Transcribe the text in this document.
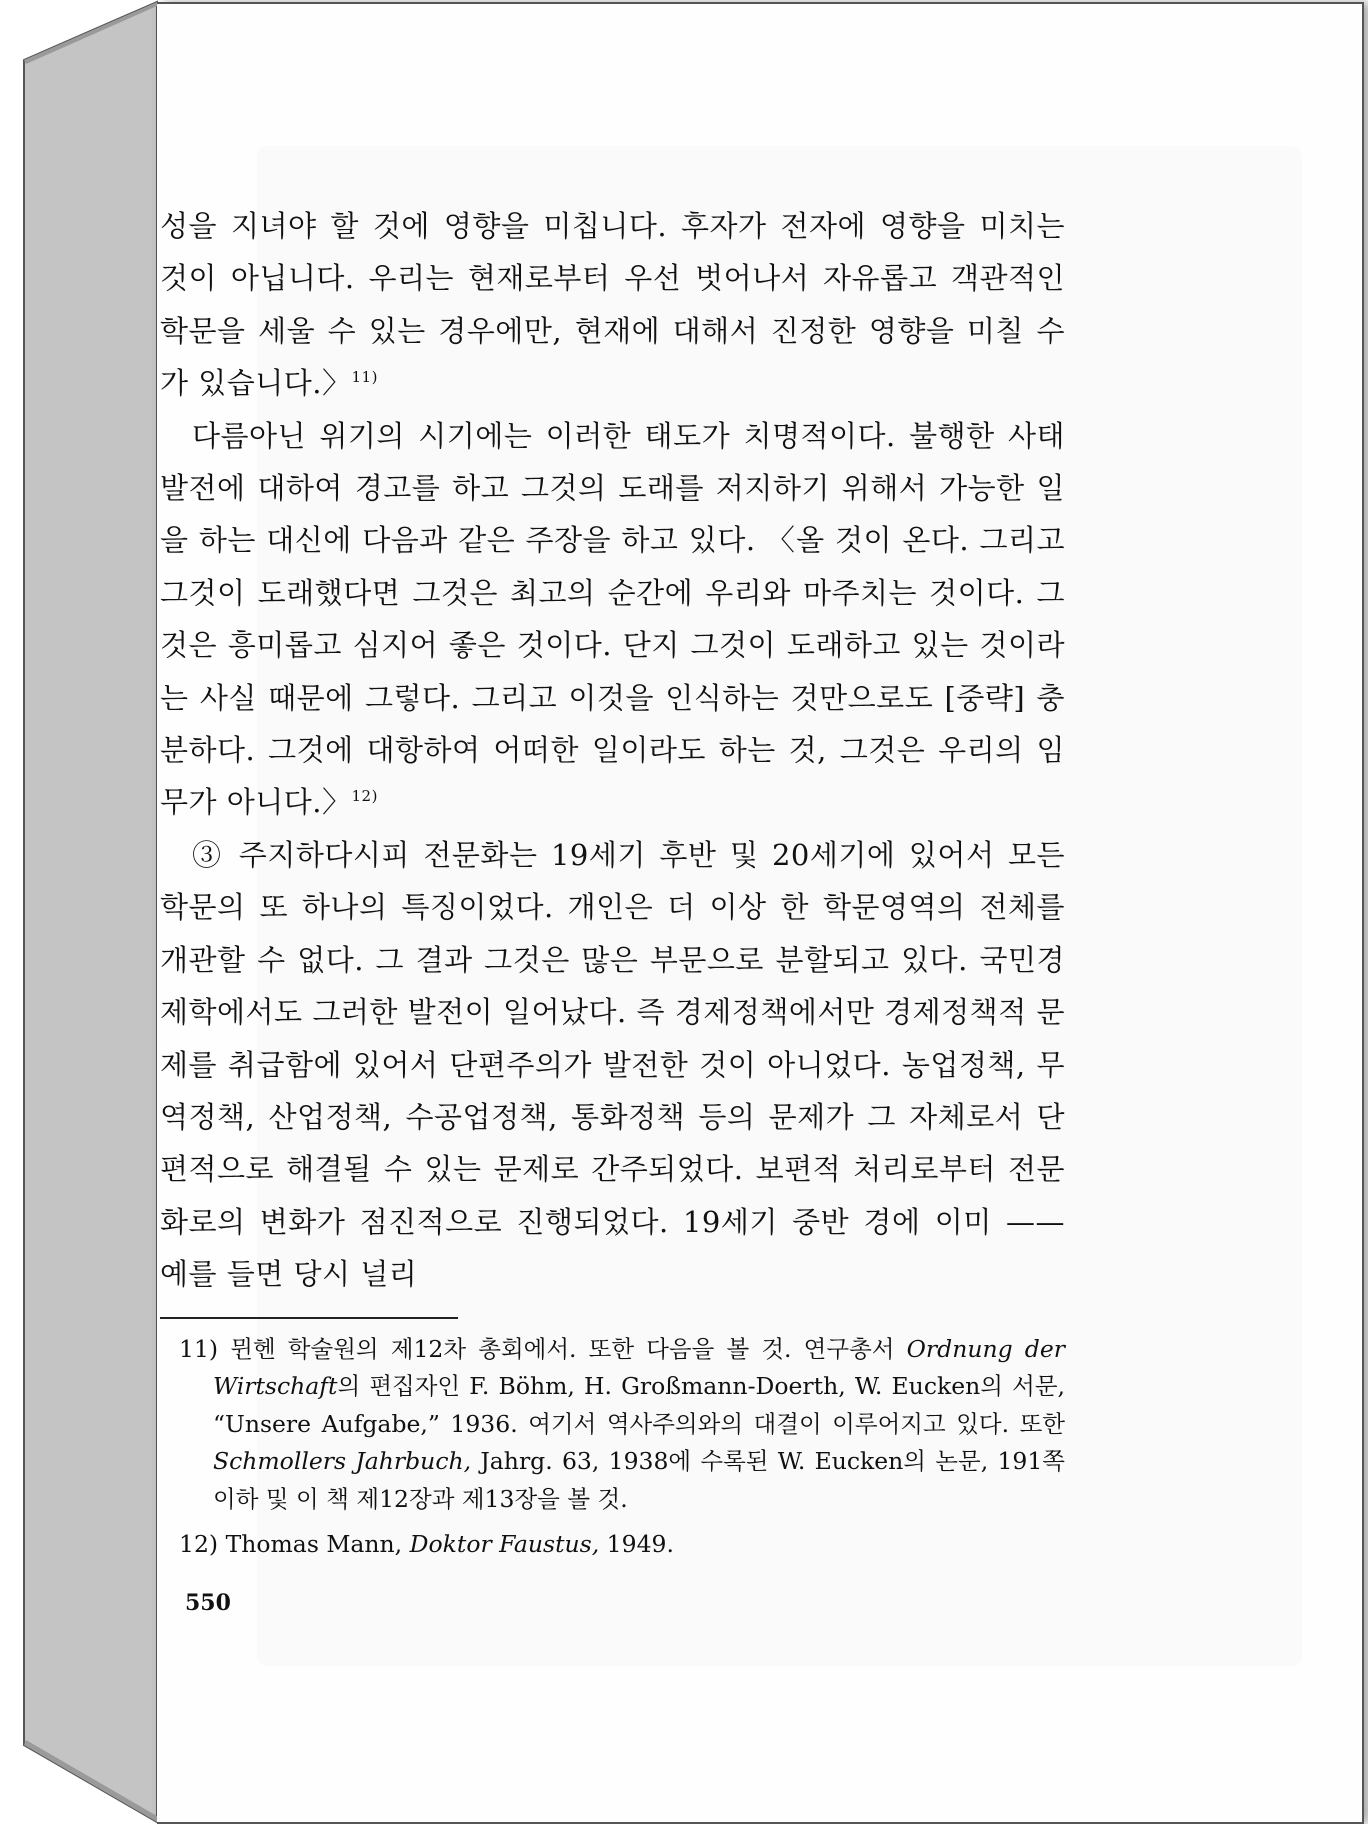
성을 지녀야 할 것에 영향을 미칩니다. 후자가 전자에 영향을 미치는 것이 아닙니다. 우리는 현재로부터 우선 벗어나서 자유롭고 객관적인 학문을 세울 수 있는 경우에만, 현재에 대해서 진정한 영향을 미칠 수가 있습니다.〉$^{11)}$

다름아닌 위기의 시기에는 이러한 태도가 치명적이다. 불행한 사태발전에 대하여 경고를 하고 그것의 도래를 저지하기 위해서 가능한 일을 하는 대신에 다음과 같은 주장을 하고 있다. 〈올 것이 온다. 그리고 그것이 도래했다면 그것은 최고의 순간에 우리와 마주치는 것이다. 그것은 흥미롭고 심지어 좋은 것이다. 단지 그것이 도래하고 있는 것이라는 사실 때문에 그렇다. 그리고 이것을 인식하는 것만으로도 [중략] 충분하다. 그것에 대항하여 어떠한 일이라도 하는 것, 그것은 우리의 임무가 아니다.〉$^{12)}$

③ 주지하다시피 전문화는 19세기 후반 및 20세기에 있어서 모든 학문의 또 하나의 특징이었다. 개인은 더 이상 한 학문영역의 전체를 개관할 수 없다. 그 결과 그것은 많은 부문으로 분할되고 있다. 국민경제학에서도 그러한 발전이 일어났다. 즉 경제정책에서만 경제정책적 문제를 취급함에 있어서 단편주의가 발전한 것이 아니었다. 농업정책, 무역정책, 산업정책, 수공업정책, 통화정책 등의 문제가 그 자체로서 단편적으로 해결될 수 있는 문제로 간주되었다. 보편적 처리로부터 전문화로의 변화가 점진적으로 진행되었다. 19세기 중반 경에 이미 —— 예를 들면 당시 널리

11) 뮌헨 학술원의 제12차 총회에서. 또한 다음을 볼 것. 연구총서 Ordnung der Wirtschaft의 편집자인 F. Böhm, H. Großmann-Doerth, W. Eucken의 서문, “Unsere Aufgabe,” 1936. 여기서 역사주의와의 대결이 이루어지고 있다. 또한 Schmollers Jahrbuch, Jahrg. 63, 1938에 수록된 W. Eucken의 논문, 191쪽 이하 및 이 책 제12장과 제13장을 볼 것.

12) Thomas Mann, Doktor Faustus, 1949.

550
